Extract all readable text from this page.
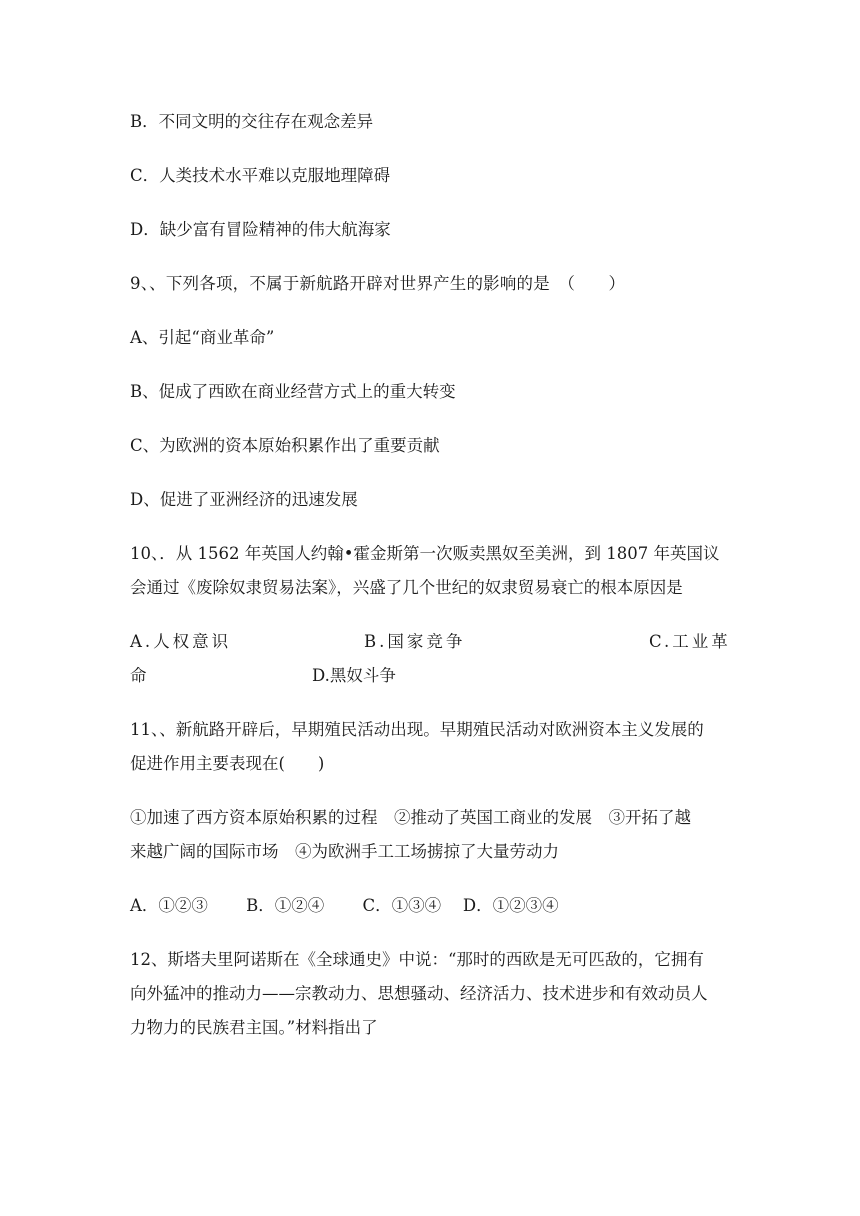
B．不同文明的交往存在观念差异
C．人类技术水平难以克服地理障碍
D．缺少富有冒险精神的伟大航海家
9、、下列各项，不属于新航路开辟对世界产生的影响的是　（　　）
A、引起“商业革命”
B、促成了西欧在商业经营方式上的重大转变
C、为欧洲的资本原始积累作出了重要贡献
D、促进了亚洲经济的迅速发展
10、．从 1562 年英国人约翰•霍金斯第一次贩卖黑奴至美洲，到 1807 年英国议
会通过《废除奴隶贸易法案》，兴盛了几个世纪的奴隶贸易衰亡的根本原因是
A.人权意识	B.国家竞争	C.工业革
命	D.黑奴斗争
11、、新航路开辟后，早期殖民活动出现。早期殖民活动对欧洲资本主义发展的
促进作用主要表现在(　　)
①加速了西方资本原始积累的过程　②推动了英国工商业的发展　③开拓了越
来越广阔的国际市场　④为欧洲手工工场掳掠了大量劳动力
A．①②③　　 B．①②④　　 C．①③④　 D．①②③④
12、斯塔夫里阿诺斯在《全球通史》中说：“那时的西欧是无可匹敌的，它拥有
向外猛冲的推动力——宗教动力、思想骚动、经济活力、技术进步和有效动员人
力物力的民族君主国。”材料指出了
